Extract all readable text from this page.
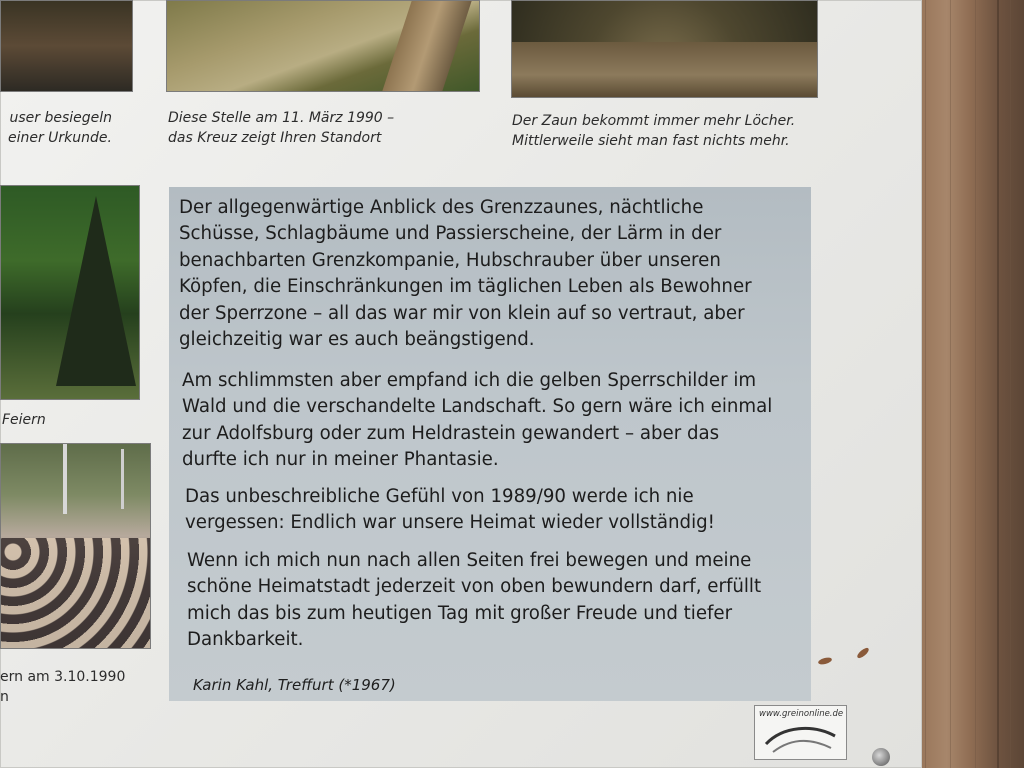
user besiegeln
einer Urkunde.
Diese Stelle am 11. März 1990 –
das Kreuz zeigt Ihren Standort
Der Zaun bekommt immer mehr Löcher.
Mittlerweile sieht man fast nichts mehr.
Feiern
ern am 3.10.1990
n
Der allgegenwärtige Anblick des Grenzzaunes, nächtliche
Schüsse, Schlagbäume und Passierscheine, der Lärm in der
benachbarten Grenzkompanie, Hubschrauber über unseren
Köpfen, die Einschränkungen im täglichen Leben als Bewohner
der Sperrzone – all das war mir von klein auf so vertraut, aber
gleichzeitig war es auch beängstigend.
Am schlimmsten aber empfand ich die gelben Sperrschilder im
Wald und die verschandelte Landschaft. So gern wäre ich einmal
zur Adolfsburg oder zum Heldrastein gewandert – aber das
durfte ich nur in meiner Phantasie.
Das unbeschreibliche Gefühl von 1989/90 werde ich nie
vergessen: Endlich war unsere Heimat wieder vollständig!
Wenn ich mich nun nach allen Seiten frei bewegen und meine
schöne Heimatstadt jederzeit von oben bewundern darf, erfüllt
mich das bis zum heutigen Tag mit großer Freude und tiefer
Dankbarkeit.
Karin Kahl, Treffurt (*1967)
www.greinonline.de
